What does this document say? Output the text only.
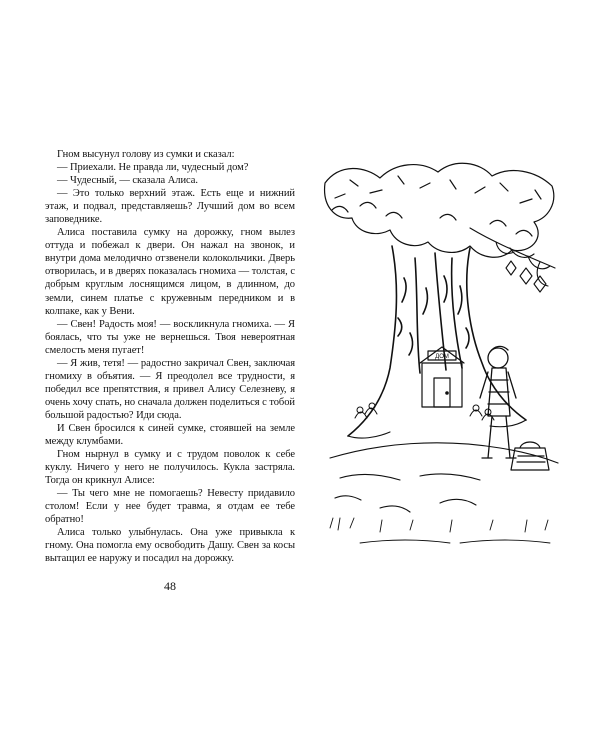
Гном высунул голову из сумки и сказал:

— Приехали. Не правда ли, чудесный дом?

— Чудесный, — сказала Алиса.

— Это только верхний этаж. Есть еще и нижний этаж, и подвал, представляешь? Лучший дом во всем заповеднике.

Алиса поставила сумку на дорожку, гном вылез оттуда и побежал к двери. Он нажал на звонок, и внутри дома мелодично отзвенели колокольчики. Дверь отворилась, и в дверях показалась гномиха — толстая, с добрым круглым лоснящимся лицом, в длинном, до земли, синем платье с кружевным передником и в колпаке, как у Вени.

— Свен! Радость моя! — воскликнула гномиха. — Я боялась, что ты уже не вернешься. Твоя невероятная смелость меня пугает!

— Я жив, тетя! — радостно закричал Свен, заключая гномиху в объятия. — Я преодолел все трудности, я победил все препятствия, я привел Алису Селезневу, я очень хочу спать, но сначала должен поделиться с тобой большой радостью? Иди сюда.

И Свен бросился к синей сумке, стоявшей на земле между клумбами.

Гном нырнул в сумку и с трудом поволок к себе куклу. Ничего у него не получилось. Кукла застряла. Тогда он крикнул Алисе:

— Ты чего мне не помогаешь? Невесту придавило столом! Если у нее будет травма, я отдам ее тебе обратно!

Алиса только улыбнулась. Она уже привыкла к гному. Она помогла ему освободить Дашу. Свен за косы вытащил ее наружу и посадил на дорожку.

48
ДОМ
